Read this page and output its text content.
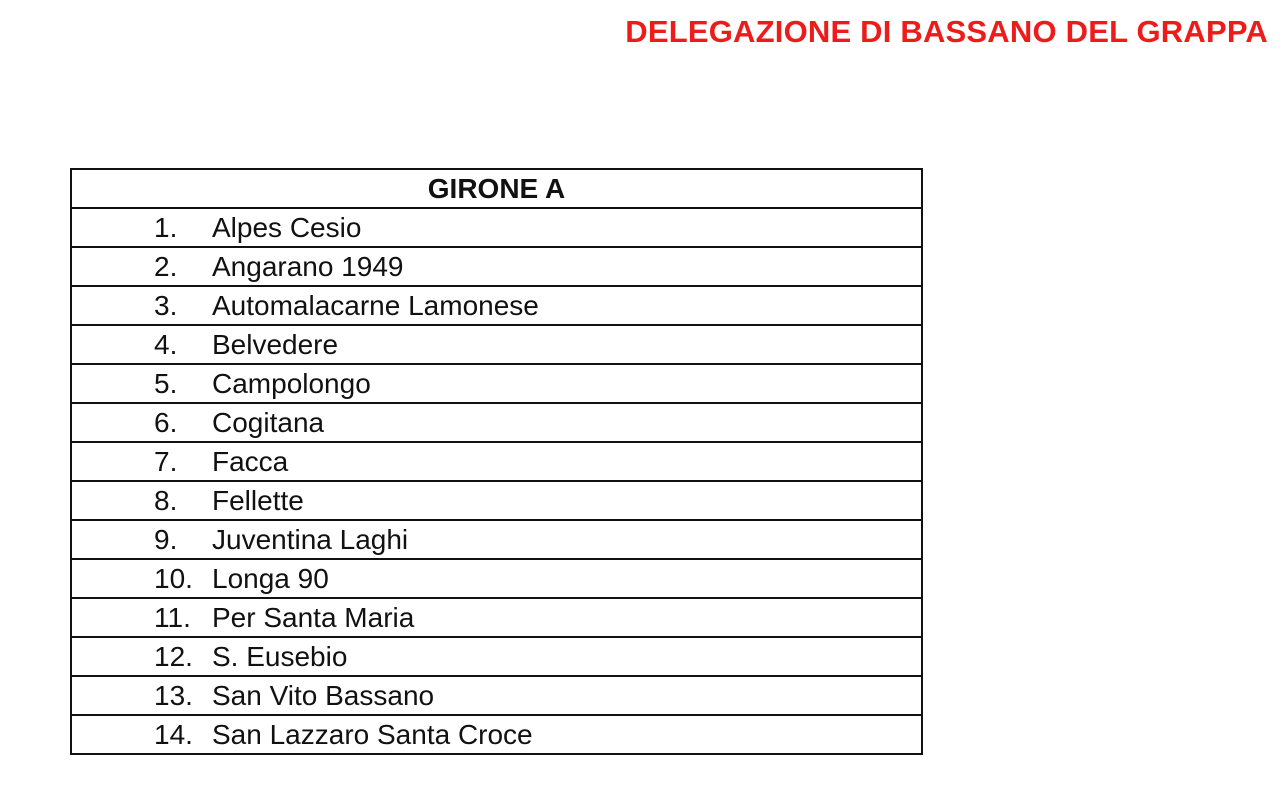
DELEGAZIONE DI BASSANO DEL GRAPPA
GIRONE A

1. Alpes Cesio

2. Angarano 1949

3. Automalacarne Lamonese

4. Belvedere

5. Campolongo

6. Cogitana

7. Facca

8. Fellette

9. Juventina Laghi

10. Longa 90

11. Per Santa Maria

12. S. Eusebio

13. San Vito Bassano

14. San Lazzaro Santa Croce
